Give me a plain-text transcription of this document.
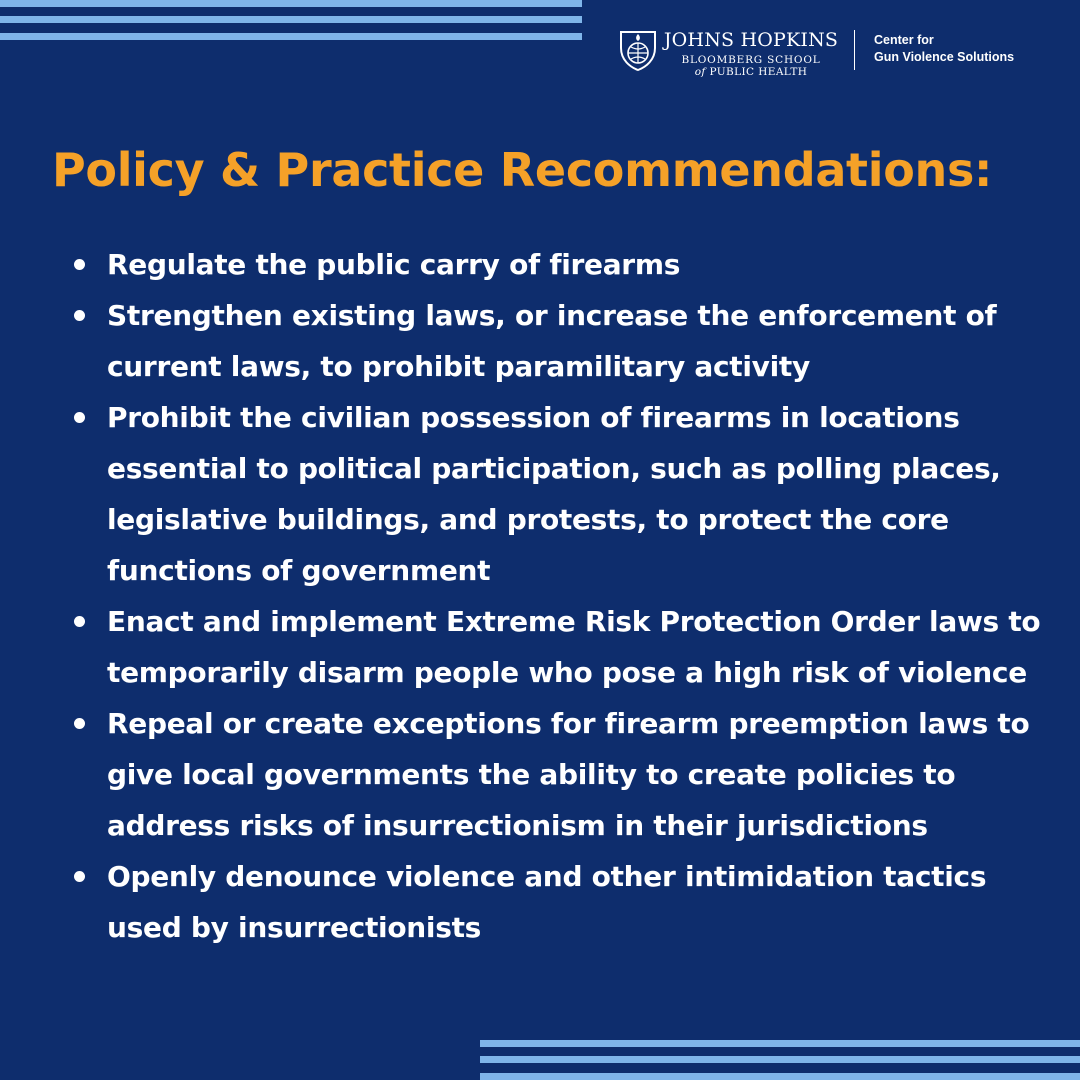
JOHNS HOPKINS
BLOOMBERG SCHOOL
of PUBLIC HEALTH
Center for
Gun Violence Solutions
Policy & Practice Recommendations:
Regulate the public carry of firearms
Strengthen existing laws, or increase the enforcement of current laws, to prohibit paramilitary activity
Prohibit the civilian possession of firearms in locations essential to political participation, such as polling places, legislative buildings, and protests, to protect the core functions of government
Enact and implement Extreme Risk Protection Order laws to temporarily disarm people who pose a high risk of violence
Repeal or create exceptions for firearm preemption laws to give local governments the ability to create policies to address risks of insurrectionism in their jurisdictions
Openly denounce violence and other intimidation tactics used by insurrectionists
